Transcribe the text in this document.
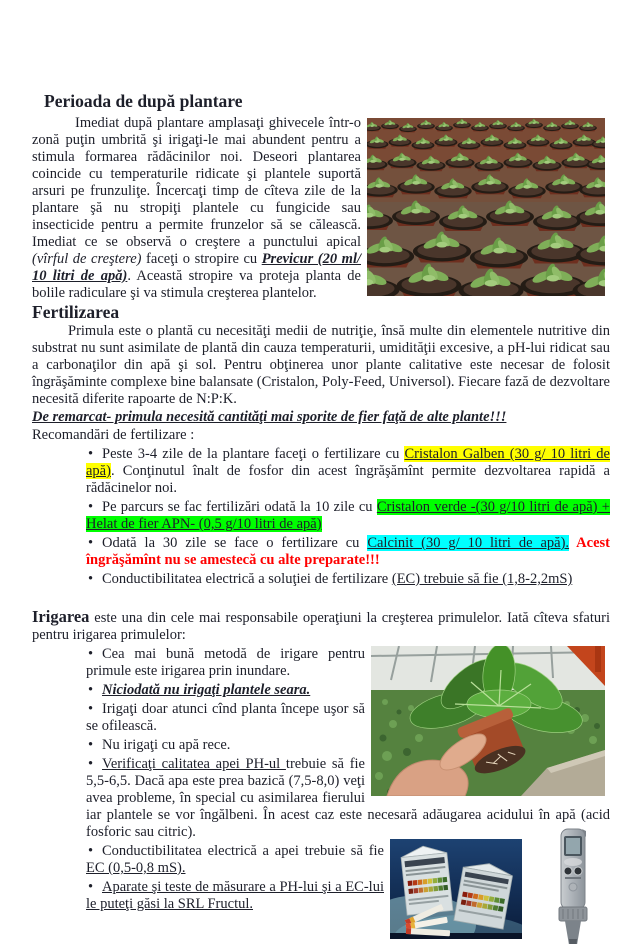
Perioada de după plantare
Imediat după plantare amplasaţi ghivecele într-o zonă puţin umbrită şi irigaţi-le mai abundent pentru a stimula formarea rădăcinilor noi. Deseori plantarea coincide cu temperaturile ridicate şi plantele suportă arsuri pe frunzuliţe. Încercaţi timp de cîteva zile de la plantare şă nu stropiţi plantele cu fungicide sau insecticide pentru a permite frunzelor să se călească. Imediat ce se observă o creştere a punctului apical (vîrful de creştere) faceţi o stropire cu Previcur (20 ml/ 10 litri de apă). Această stropire va proteja planta de bolile radiculare şi va stimula creşterea plantelor.
Fertilizarea
Primula este o plantă cu necesităţi medii de nutriţie, însă multe din elementele nutritive din substrat nu sunt asimilate de plantă din cauza temperaturii, umidităţii excesive, a pH-lui ridicat sau a carbonaţilor din apă şi sol. Pentru obţinerea unor plante calitative este necesar de folosit îngrăşăminte complexe bine balansate (Cristalon, Poly-Feed, Universol). Fiecare fază de dezvoltare necesită diferite rapoarte de N:P:K.
De remarcat- primula necesită cantităţi mai sporite de fier faţă de alte plante!!!
Recomandări de fertilizare :
• Peste 3-4 zile de la plantare faceţi o fertilizare cu Cristalon Galben (30 g/ 10 litri de apă). Conţinutul înalt de fosfor din acest îngrăşămînt permite dezvoltarea rapidă a rădăcinelor noi.
• Pe parcurs se fac fertilizări odată la 10 zile cu Cristalon verde -(30 g/10 litri de apă) + Helat de fier APN- (0,5 g/10 litri de apă)
• Odată la 30 zile se face o fertilizare cu Calcinit (30 g/ 10 litri de apă). Acest îngrăşămînt nu se amestecă cu alte preparate!!!
• Conductibilitatea electrică a soluţiei de fertilizare (EC) trebuie să fie (1,8-2,2mS)
Irigarea este una din cele mai responsabile operaţiuni la creşterea primulelor. Iată cîteva sfaturi pentru irigarea primulelor:
• Cea mai bună metodă de irigare pentru primule este irigarea prin inundare.
• Niciodată nu irigaţi plantele seara.
• Irigaţi doar atunci cînd planta începe uşor să se ofilească.
• Nu irigaţi cu apă rece.
• Verificaţi calitatea apei PH-ul trebuie să fie 5,5-6,5. Dacă apa este prea bazică (7,5-8,0) veţi avea probleme, în special cu asimilarea fierului iar plantele se vor îngălbeni. În acest caz este necesară adăugarea acidului în apă (acid fosforic sau citric).
• Conductibilitatea electrică a apei trebuie să fie EC (0,5-0,8 mS).
• Aparate şi teste de măsurare a PH-lui şi a EC-lui le puteţi găsi la SRL Fructul.
